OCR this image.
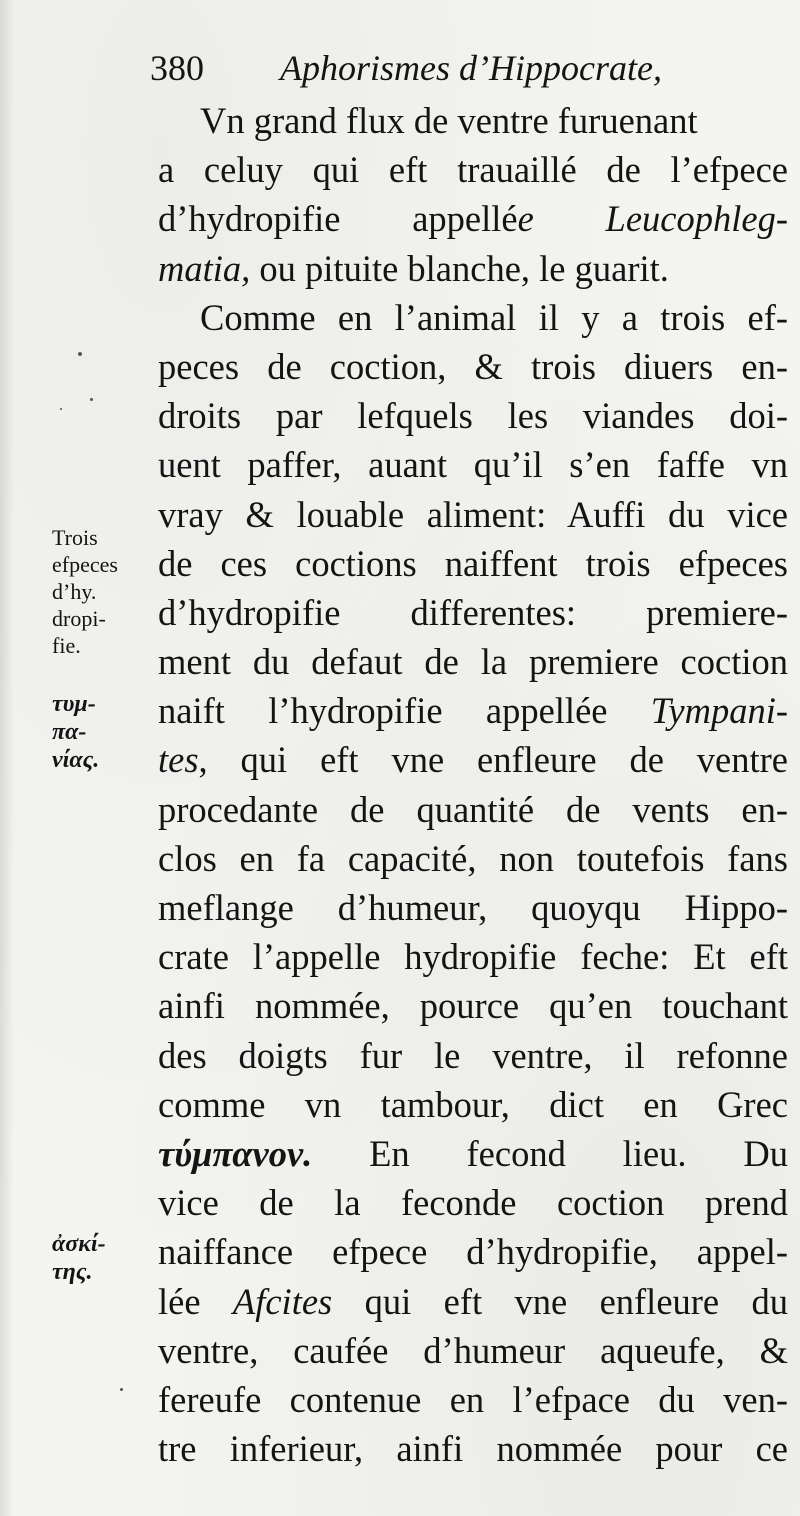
380 Aphorismes d’Hippocrate,
Vn grand flux de ventre furuenant
a celuy qui eft trauaillé de l’efpece
d’hydropifie appellée Leucophleg-
matia, ou pituite blanche, le guarit.
Comme en l’animal il y a trois ef-
peces de coction, & trois diuers en-
droits par lefquels les viandes doi-
uent paffer, auant qu’il s’en faffe vn
vray & louable aliment: Auffi du vice
de ces coctions naiffent trois efpeces
d’hydropifie differentes: premiere-
ment du defaut de la premiere coction
naift l’hydropifie appellée Tympani-
tes, qui eft vne enfleure de ventre
procedante de quantité de vents en-
clos en fa capacité, non toutefois fans
meflange d’humeur, quoyqu Hippo-
crate l’appelle hydropifie feche: Et eft
ainfi nommée, pource qu’en touchant
des doigts fur le ventre, il refonne
comme vn tambour, dict en Grec
τύμπανον. En fecond lieu. Du
vice de la feconde coction prend
naiffance efpece d’hydropifie, appel-
lée Afcites qui eft vne enfleure du
ventre, caufée d’humeur aqueufe, &
fereufe contenue en l’efpace du ven-
tre inferieur, ainfi nommée pour ce
Trois
efpeces
d’hy.
dropi-
fie.
τυμ-
πα-
νίας.
ἀσκί-
της.
